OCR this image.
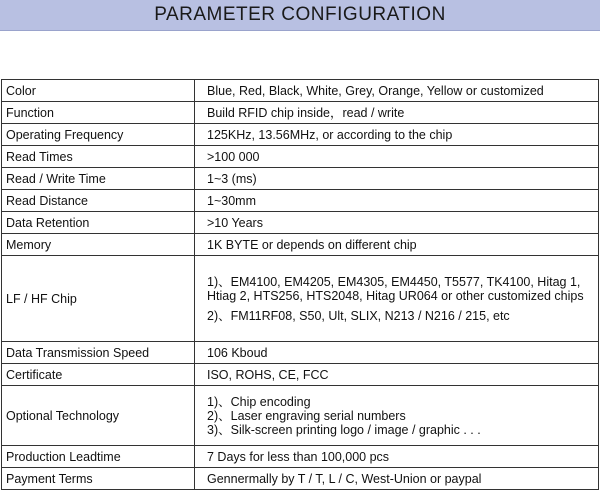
PARAMETER CONFIGURATION
Color	Blue, Red, Black, White, Grey, Orange, Yellow or customized

Function	Build RFID chip inside，read / write

Operating Frequency	125KHz, 13.56MHz, or according to the chip

Read Times	>100 000

Read / Write Time	1~3 (ms)

Read Distance	1~30mm

Data Retention	>10 Years

Memory	1K BYTE or depends on different chip

LF / HF Chip	1)、EM4100, EM4205, EM4305, EM4450, T5577, TK4100, Hitag 1, Htiag 2, HTS256, HTS2048, Hitag UR064 or other customized chips
2)、FM11RF08, S50, Ult, SLIX, N213 / N216 / 215, etc

Data Transmission Speed	106 Kboud

Certificate	ISO, ROHS, CE, FCC

Optional Technology	1)、Chip encoding
2)、Laser engraving serial numbers
3)、Silk-screen printing logo / image / graphic . . .

Production Leadtime	7 Days for less than 100,000 pcs

Payment Terms	Gennermally by T / T, L / C, West-Union or paypal
